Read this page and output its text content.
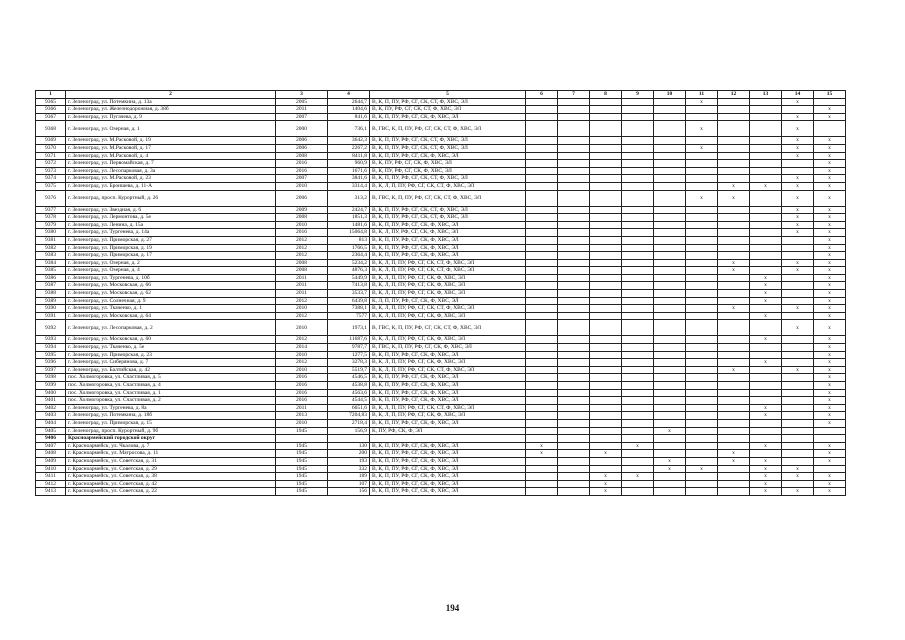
1	2	3	4	5	6	7	8	9	10	11	12	13	14	15
9365	г. Зеленоград, ул. Потемкина, д. 13а	2005	2644,7	В, К, П, ПУ, РФ, СГ, СК, СТ, Ф, ХВС, ЭЛ						x			x	
9366	г. Зеленоград, ул. Железнодорожная, д. 38б	2011	1404,6	В, К, ПУ, РФ, СГ, СК, СТ, Ф, ХВС, ЭЛ										x
9367	г. Зеленоград, ул. Пугачева, д. 9	2007	841,6	В, К, П, ПУ, РФ, СГ, СК, Ф, ХВС, ЭЛ									x	x
9368	г. Зеленоград, ул. Озерная, д. 1	2000	736,1	В, ГВС, К, П, ПУ, РФ, СГ, СК, СТ, Ф, ХВС, ЭЛ						x			x	
9369	г. Зеленоград, ул. М.Расковой, д. 19	2006	3642,3	В, К, П, ПУ, РФ, СГ, СК, СТ, Ф, ХВС, ЭЛ									x	x
9370	г. Зеленоград, ул. М.Расковой, д. 17	2006	2267,2	В, К, П, ПУ, РФ, СГ, СК, СТ, Ф, ХВС, ЭЛ						x			x	x
9371	г. Зеленоград, ул. М.Расковой, д. 4	2008	8411,8	В, К, П, ПУ, РФ, СГ, СК, Ф, ХВС, ЭЛ									x	x
9372	г. Зеленоград, ул. Первомайская, д. 7	2016	960,9	В, К, ПУ, РФ, СГ, СК, Ф, ХВС, ЭЛ										x
9373	г. Зеленоград, ул. Лесопарковая, д. 3а	2016	1671,6	В, К, ПУ, РФ, СГ, СК, Ф, ХВС, ЭЛ										x
9374	г. Зеленоград, ул. М.Расковой, д. 23	2007	3841,6	В, К, П, ПУ, РФ, СГ, СК, СТ, Ф, ХВС, ЭЛ									x	x
9375	г. Зеленоград, ул. Броншева, д. 11-А	2010	3314,4	В, К, Л, П, ПУ, РФ, СГ, СК, СТ, Ф, ХВС, ЭЛ							x	x	x	x
9376	г. Зеленоград, просп. Курортный, д. 26	2006	313,2	В, ГВС, К, П, ПУ, РФ, СГ, СК, СТ, Ф, ХВС, ЭЛ						x	x		x	x
9377	г. Зеленоград, ул. Звездная, д. 6	2009	2424,7	В, К, П, ПУ, РФ, СГ, СК, СТ, Ф, ХВС, ЭЛ									x	x
9378	г. Зеленоград, ул. Лермонтова, д. 5е	2008	1851,3	В, К, П, ПУ, РФ, СГ, СК, СТ, Ф, ХВС, ЭЛ									x	x
9379	г. Зеленоград, ул. Ленина, д. 15а	2010	1481,6	В, К, П, ПУ, РФ, СГ, СК, Ф, ХВС, ЭЛ									x	x
9380	г. Зеленоград, ул. Тургенева, д. 14а	2016	15064,8	В, К, Л, ПУ, РФ, СГ, СК, Ф, ХВС, ЭЛ									x	x
9381	г. Зеленоград, ул. Приморская, д. 27	2012	813	В, К, П, ПУ, РФ, СГ, СК, Ф, ХВС, ЭЛ										x
9382	г. Зеленоград, ул. Приморская, д. 19	2012	1766,5	В, К, П, ПУ, РФ, СГ, СК, Ф, ХВС, ЭЛ										x
9383	г. Зеленоград, ул. Приморская, д. 17	2012	2364,4	В, К, П, ПУ, РФ, СГ, СК, Ф, ХВС, ЭЛ										x
9384	г. Зеленоград, ул. Озерная, д. 2	2008	5234,2	В, К, Л, П, ПУ, РФ, СГ, СК, СТ, Ф, ХВС, ЭЛ							x		x	x
9385	г. Зеленоград, ул. Озерная, д. 4	2008	4876,3	В, К, Л, П, ПУ, РФ, СГ, СК, СТ, Ф, ХВС, ЭЛ							x		x	x
9386	г. Зеленоград, ул. Тургенева, д. 10б	2011	5449,9	В, К, Л, П, ПУ, РФ, СГ, СК, Ф, ХВС, ЭЛ								x		x
9387	г. Зеленоград, ул. Московская, д. 66	2011	7413,8	В, К, Л, П, ПУ, РФ, СГ, СК, Ф, ХВС, ЭЛ								x		x
9388	г. Зеленоград, ул. Московская, д. 62	2011	3533,7	В, К, Л, П, ПУ, РФ, СГ, СК, Ф, ХВС, ЭЛ								x		x
9389	г. Зеленоград, ул. Солнечная, д. 9	2012	6439,8	К, Л, П, ПУ, РФ, СГ, СК, Ф, ХВС, ЭЛ								x		x
9390	г. Зеленоград, ул. Ткаченко, д. 1	2010	7388,1	В, К, Л, П, ПУ, РФ, СГ, СК, СТ, Ф, ХВС, ЭЛ							x		x	x
9391	г. Зеленоград, ул. Московская, д. 64	2012	7577	В, К, Л, П, ПУ, РФ, СГ, СК, Ф, ХВС, ЭЛ								x		x
9392	г. Зеленоград, ул. Лесопарковая, д. 2	2010	1973,1	В, ГВС, К, П, ПУ, РФ, СГ, СК, СТ, Ф, ХВС, ЭЛ									x	x
9393	г. Зеленоград, ул. Московская, д. 60	2012	11687,6	В, К, Л, П, ПУ, РФ, СГ, СК, Ф, ХВС, ЭЛ								x		x
9394	г. Зеленоград, ул. Ткаченко, д. 5е	2014	9787,7	В, ГВС, К, П, ПУ, РФ, СГ, СК, Ф, ХВС, ЭЛ										x
9395	г. Зеленоград, ул. Приморская, д. 23	2010	1277,5	В, К, П, ПУ, РФ, СГ, СК, Ф, ХВС, ЭЛ										x
9396	г. Зеленоград, ул. Сиберянова, д. 7	2012	3278,3	В, К, Л, П, ПУ, РФ, СГ, СК, Ф, ХВС, ЭЛ								x		x
9397	г. Зеленоград, ул. Балтийская, д. 42	2010	5519,7	В, К, Л, П, ПУ, РФ, СГ, СК, СТ, Ф, ХВС, ЭЛ							x		x	x
9398	пос. Холмогоровка, ул. Счастливая, д. 5	2016	4546,5	В, К, П, ПУ, РФ, СГ, СК, Ф, ХВС, ЭЛ										x
9399	пос. Холмогоровка, ул. Счастливая, д. 4	2016	4538,8	В, К, П, ПУ, РФ, СГ, СК, Ф, ХВС, ЭЛ										x
9400	пос. Холмогоровка, ул. Счастливая, д. 1	2016	4563,6	В, К, П, ПУ, РФ, СГ, СК, Ф, ХВС, ЭЛ										x
9401	пос. Холмогоровка, ул. Счастливая, д. 2	2016	4544,5	В, К, П, ПУ, РФ, СГ, СК, Ф, ХВС, ЭЛ										x
9402	г. Зеленоград, ул. Тургенева, д. 8а	2011	6651,6	В, К, Л, П, ПУ, РФ, СГ, СК, СТ, Ф, ХВС, ЭЛ								x		x
9403	г. Зеленоград, ул. Потемкина, д. 18б	2013	7204,83	В, К, Л, П, ПУ, РФ, СГ, СК, Ф, ХВС, ЭЛ								x		x
9404	г. Зеленоград, ул. Приморская, д. 15	2010	2718,4	В, К, П, ПУ, РФ, СГ, СК, Ф, ХВС, ЭЛ										x
9405	г. Зеленоград, просп. Курортный, д. 9б	1945	156,9	К, ПУ, РФ, СК, Ф, ЭЛ					x					
9406	Красноармейский городской округ													
9407	г. Красноармейск, ул. Чкалова, д. 7	1945	130	В, К, П, ПУ, РФ, СГ, СК, Ф, ХВС, ЭЛ	x			x				x		x
9408	г. Красноармейск, ул. Матросова, д. 11	1945	200	В, К, П, ПУ, РФ, СГ, СК, Ф, ХВС, ЭЛ	x		x				x			x
9409	г. Красноармейск, ул. Советская, д. 31	1945	193	В, К, П, ПУ, РФ, СГ, СК, Ф, ХВС, ЭЛ					x		x	x		x
9410	г. Красноармейск, ул. Советская, д. 29	1945	332	В, К, П, ПУ, РФ, СГ, СК, Ф, ХВС, ЭЛ					x	x		x	x	
9411	г. Красноармейск, ул. Советская, д. 38	1945	189	В, К, П, ПУ, РФ, СГ, СК, Ф, ХВС, ЭЛ			x	x				x	x	x
9412	г. Красноармейск, ул. Советская, д. 42	1945	107	В, К, П, ПУ, РФ, СГ, СК, Ф, ХВС, ЭЛ			x					x		x
9413	г. Красноармейск, ул. Советская, д. 22	1945	156	В, К, П, ПУ, РФ, СГ, СК, Ф, ХВС, ЭЛ			x					x	x	x
194
